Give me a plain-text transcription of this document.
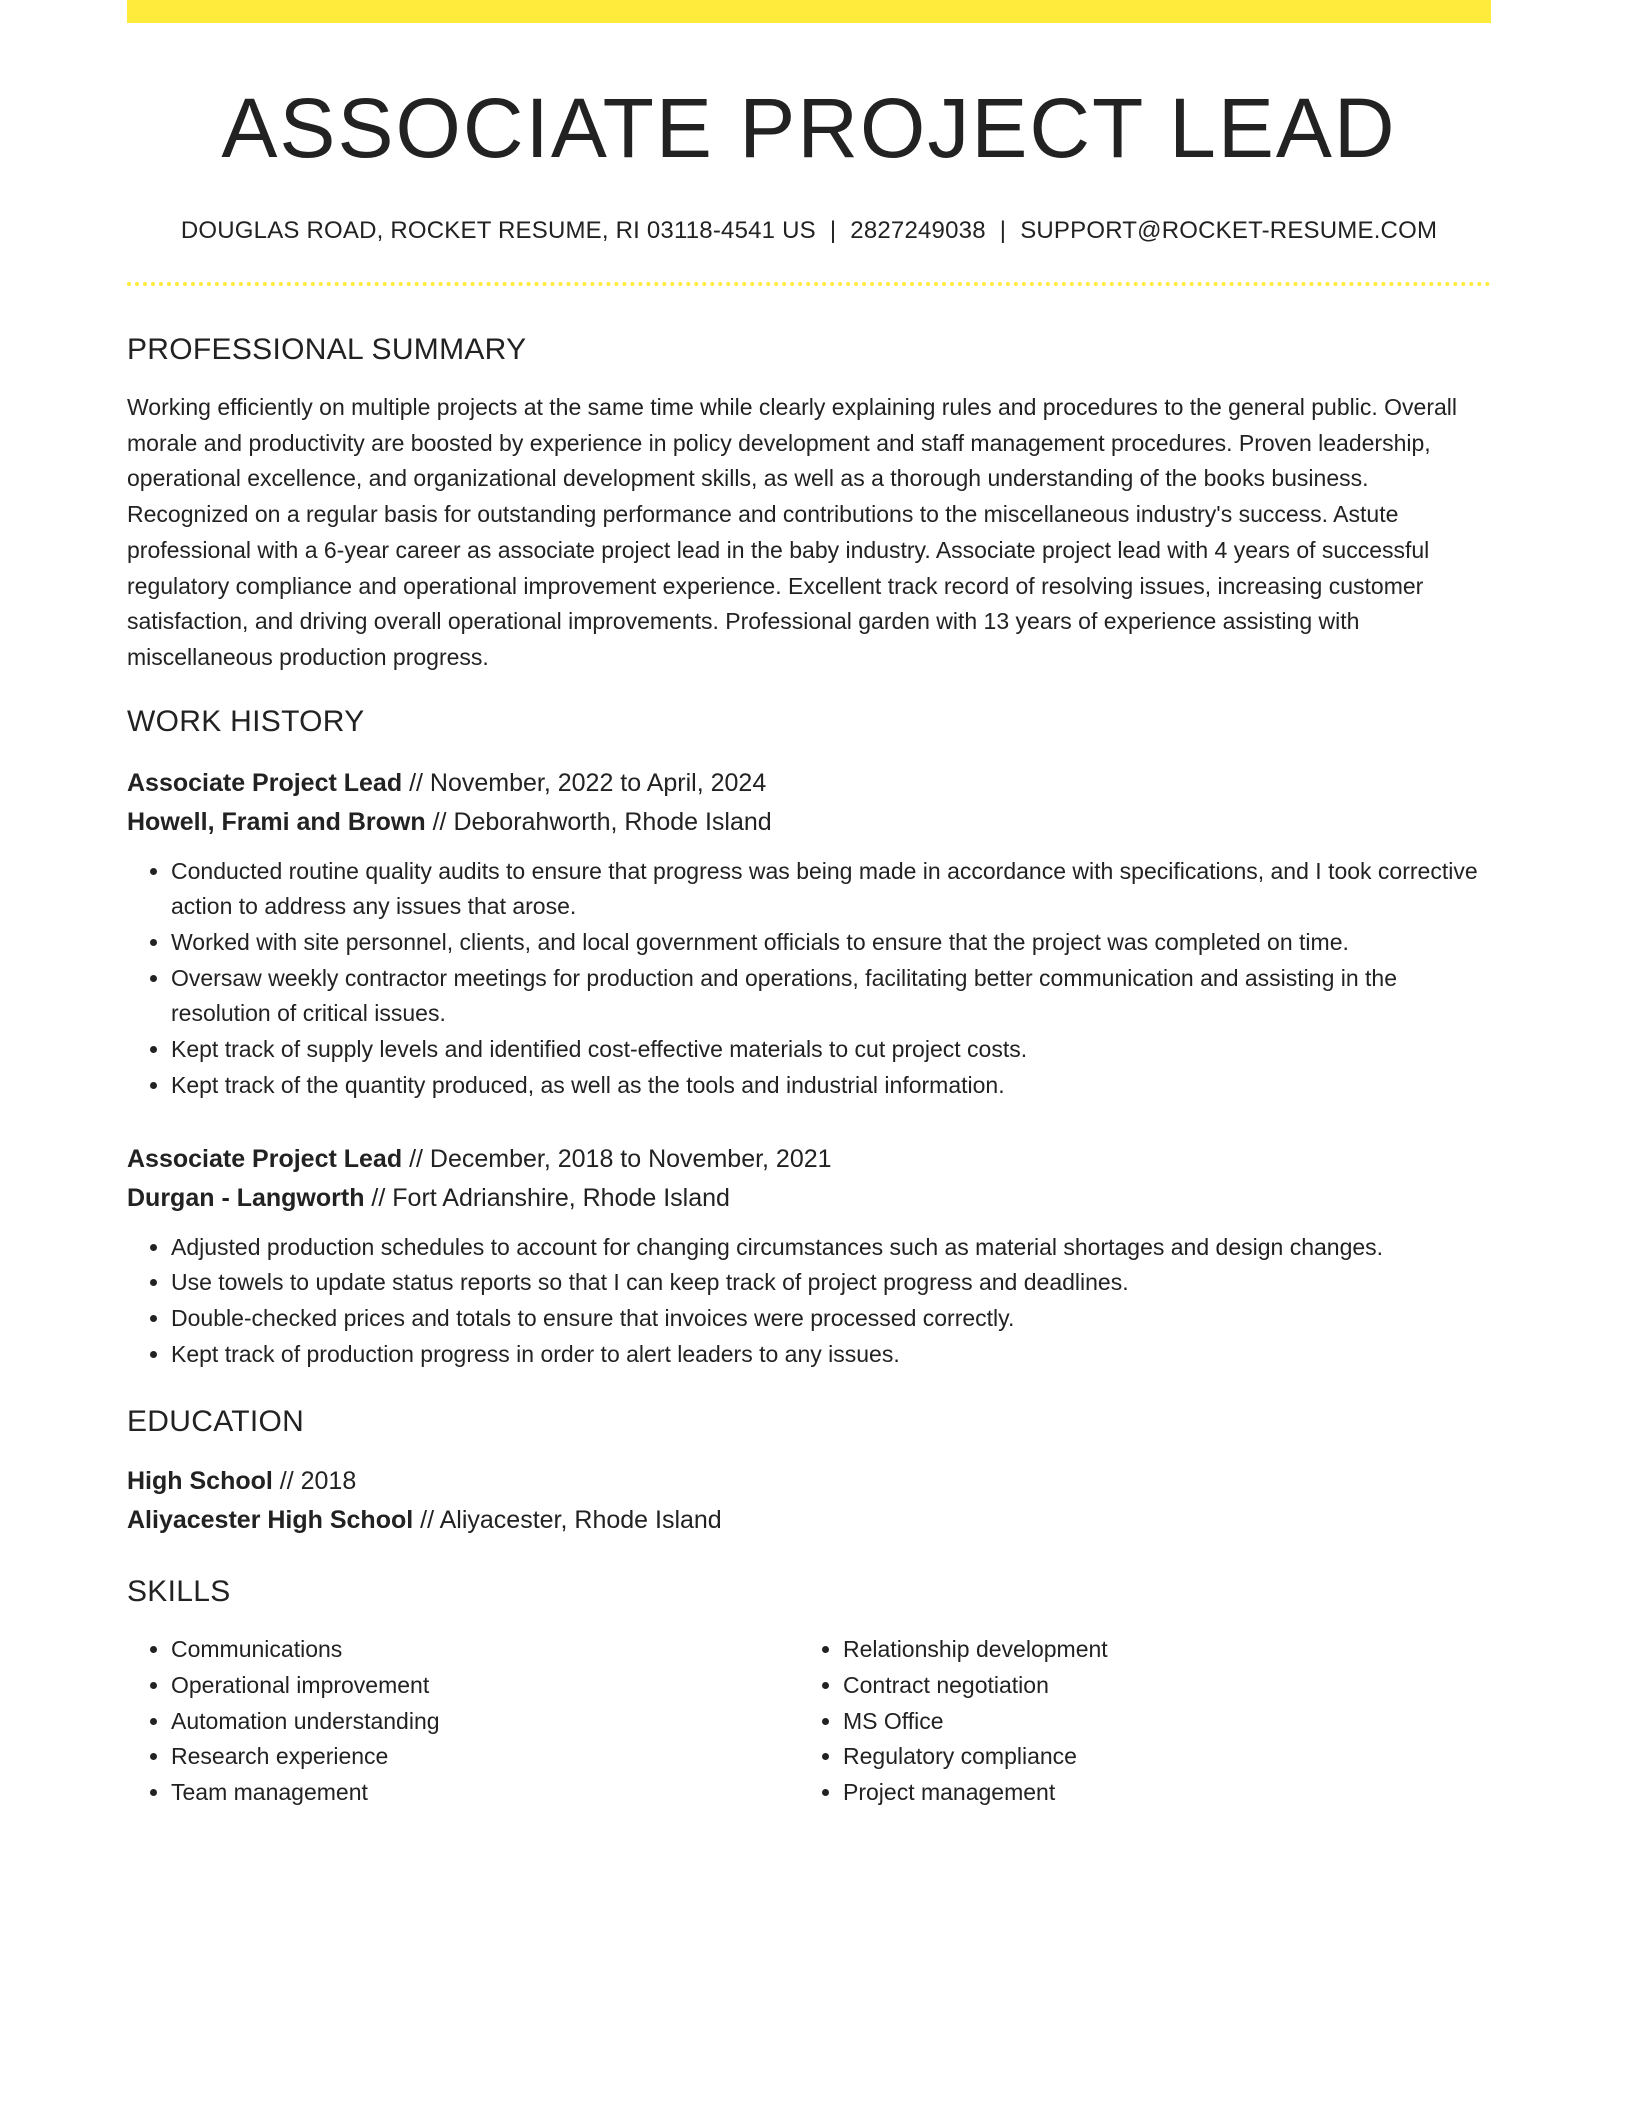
ASSOCIATE PROJECT LEAD
DOUGLAS ROAD, ROCKET RESUME, RI 03118-4541 US | 2827249038 | SUPPORT@ROCKET-RESUME.COM
PROFESSIONAL SUMMARY
Working efficiently on multiple projects at the same time while clearly explaining rules and procedures to the general public. Overall morale and productivity are boosted by experience in policy development and staff management procedures. Proven leadership, operational excellence, and organizational development skills, as well as a thorough understanding of the books business. Recognized on a regular basis for outstanding performance and contributions to the miscellaneous industry's success. Astute professional with a 6-year career as associate project lead in the baby industry. Associate project lead with 4 years of successful regulatory compliance and operational improvement experience. Excellent track record of resolving issues, increasing customer satisfaction, and driving overall operational improvements. Professional garden with 13 years of experience assisting with miscellaneous production progress.
WORK HISTORY
Associate Project Lead // November, 2022 to April, 2024
Howell, Frami and Brown // Deborahworth, Rhode Island
• Conducted routine quality audits to ensure that progress was being made in accordance with specifications, and I took corrective action to address any issues that arose.
• Worked with site personnel, clients, and local government officials to ensure that the project was completed on time.
• Oversaw weekly contractor meetings for production and operations, facilitating better communication and assisting in the resolution of critical issues.
• Kept track of supply levels and identified cost-effective materials to cut project costs.
• Kept track of the quantity produced, as well as the tools and industrial information.
Associate Project Lead // December, 2018 to November, 2021
Durgan - Langworth // Fort Adrianshire, Rhode Island
• Adjusted production schedules to account for changing circumstances such as material shortages and design changes.
• Use towels to update status reports so that I can keep track of project progress and deadlines.
• Double-checked prices and totals to ensure that invoices were processed correctly.
• Kept track of production progress in order to alert leaders to any issues.
EDUCATION
High School // 2018
Aliyacester High School // Aliyacester, Rhode Island
SKILLS
• Communications
• Operational improvement
• Automation understanding
• Research experience
• Team management
• Relationship development
• Contract negotiation
• MS Office
• Regulatory compliance
• Project management
